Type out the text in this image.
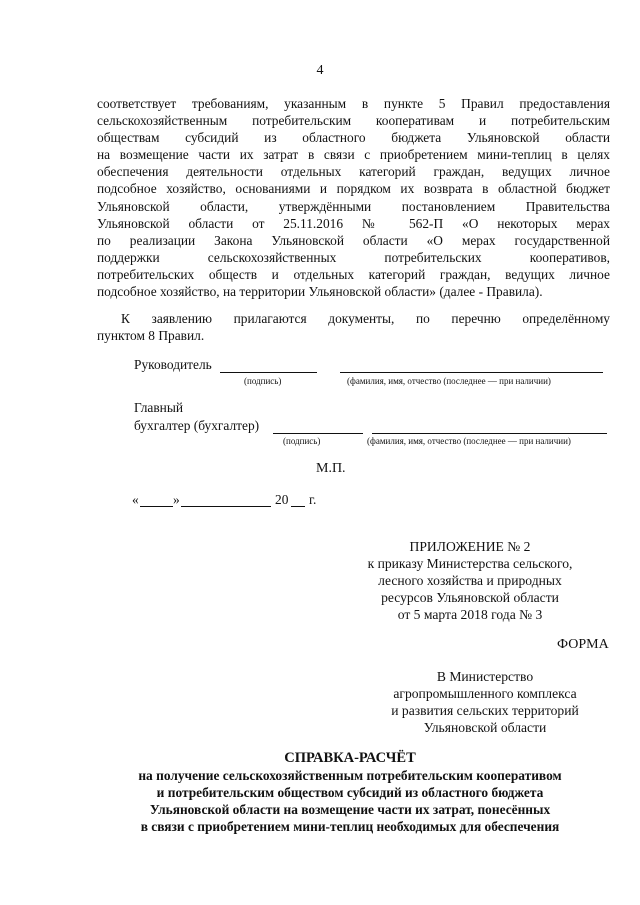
4
соответствует требованиям, указанным в пункте 5 Правил предоставления
сельскохозяйственным потребительским кооперативам и потребительским
обществам субсидий из областного бюджета Ульяновской области
на возмещение части их затрат в связи с приобретением мини-теплиц в целях
обеспечения деятельности отдельных категорий граждан, ведущих личное
подсобное хозяйство, основаниями и порядком их возврата в областной бюджет
Ульяновской области, утверждёнными постановлением Правительства
Ульяновской области от 25.11.2016 № 562-П «О некоторых мерах
по реализации Закона Ульяновской области «О мерах государственной
поддержки сельскохозяйственных потребительских кооперативов,
потребительских обществ и отдельных категорий граждан, ведущих личное
подсобное хозяйство, на территории Ульяновской области» (далее - Правила).
К заявлению прилагаются документы, по перечню определённому
пунктом 8 Правил.
Руководитель
(подпись)	(фамилия, имя, отчество (последнее — при наличии)
Главный
бухгалтер (бухгалтер)
(подпись)	(фамилия, имя, отчество (последнее — при наличии)
М.П.
«	»	20 г.
ПРИЛОЖЕНИЕ № 2
к приказу Министерства сельского,
лесного хозяйства и природных
ресурсов Ульяновской области
от 5 марта 2018 года № 3
ФОРМА
В Министерство
агропромышленного комплекса
и развития сельских территорий
Ульяновской области
СПРАВКА-РАСЧЁТ
на получение сельскохозяйственным потребительским кооперативом
и потребительским обществом субсидий из областного бюджета
Ульяновской области на возмещение части их затрат, понесённых
в связи с приобретением мини-теплиц необходимых для обеспечения
